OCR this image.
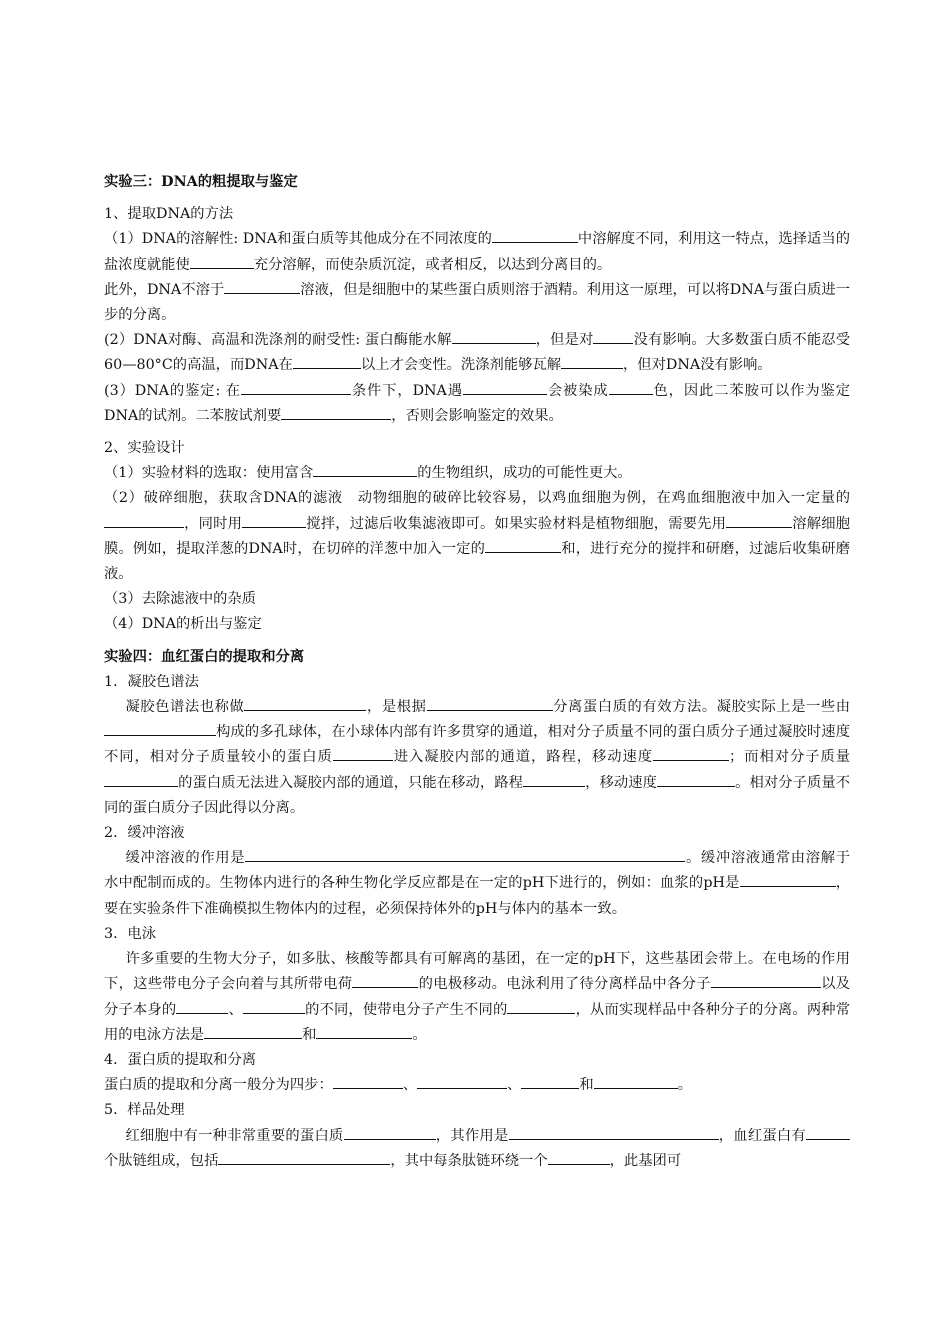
实验三：DNA的粗提取与鉴定

1、提取DNA的方法

（1）DNA的溶解性: DNA和蛋白质等其他成分在不同浓度的	中溶解度不同，利用这一特点，选择适当的盐浓度就能使	充分溶解，而使杂质沉淀，或者相反，以达到分离目的。

此外，DNA不溶于	溶液，但是细胞中的某些蛋白质则溶于酒精。利用这一原理，可以将DNA与蛋白质进一步的分离。

(2）DNA对酶、高温和洗涤剂的耐受性: 蛋白酶能水解	，但是对	没有影响。大多数蛋白质不能忍受60—80°C的高温，而DNA在	以上才会变性。洗涤剂能够瓦解	，但对DNA没有影响。

(3）DNA的鉴定: 在	条件下，DNA遇	会被染成	色，因此二苯胺可以作为鉴定DNA的试剂。二苯胺试剂要	，否则会影响鉴定的效果。

2、实验设计

（1）实验材料的选取：使用富含	的生物组织，成功的可能性更大。

（2）破碎细胞，获取含DNA的滤液　动物细胞的破碎比较容易，以鸡血细胞为例，在鸡血细胞液中加入一定量的，同时用	搅拌，过滤后收集滤液即可。如果实验材料是植物细胞，需要先用	溶解细胞膜。例如，提取洋葱的DNA时，在切碎的洋葱中加入一定的	和，进行充分的搅拌和研磨，过滤后收集研磨液。

（3）去除滤液中的杂质

（4）DNA的析出与鉴定

实验四：血红蛋白的提取和分离

1．凝胶色谱法

凝胶色谱法也称做	，是根据	分离蛋白质的有效方法。凝胶实际上是一些由构成的多孔球体，在小球体内部有许多贯穿的通道，相对分子质量不同的蛋白质分子通过凝胶时速度不同，相对分子质量较小的蛋白质	进入凝胶内部的通道，路程，移动速度	；而相对分子质量的蛋白质无法进入凝胶内部的通道，只能在移动，路程	，移动速度	。相对分子质量不同的蛋白质分子因此得以分离。

2．缓冲溶液

缓冲溶液的作用是	。缓冲溶液通常由溶解于水中配制而成的。生物体内进行的各种生物化学反应都是在一定的pH下进行的，例如：血浆的pH是	，要在实验条件下准确模拟生物体内的过程，必须保持体外的pH与体内的基本一致。

3．电泳

许多重要的生物大分子，如多肽、核酸等都具有可解离的基团，在一定的pH下，这些基团会带上。在电场的作用下，这些带电分子会向着与其所带电荷	的电极移动。电泳利用了待分离样品中各分子	以及分子本身的	、	的不同，使带电分子产生不同的	，从而实现样品中各种分子的分离。两种常用的电泳方法是	和	。

4．蛋白质的提取和分离

蛋白质的提取和分离一般分为四步：	、	、	和	。

5．样品处理

红细胞中有一种非常重要的蛋白质	，其作用是	，血红蛋白有个肽链组成，包括	，其中每条肽链环绕一个	，此基团可
